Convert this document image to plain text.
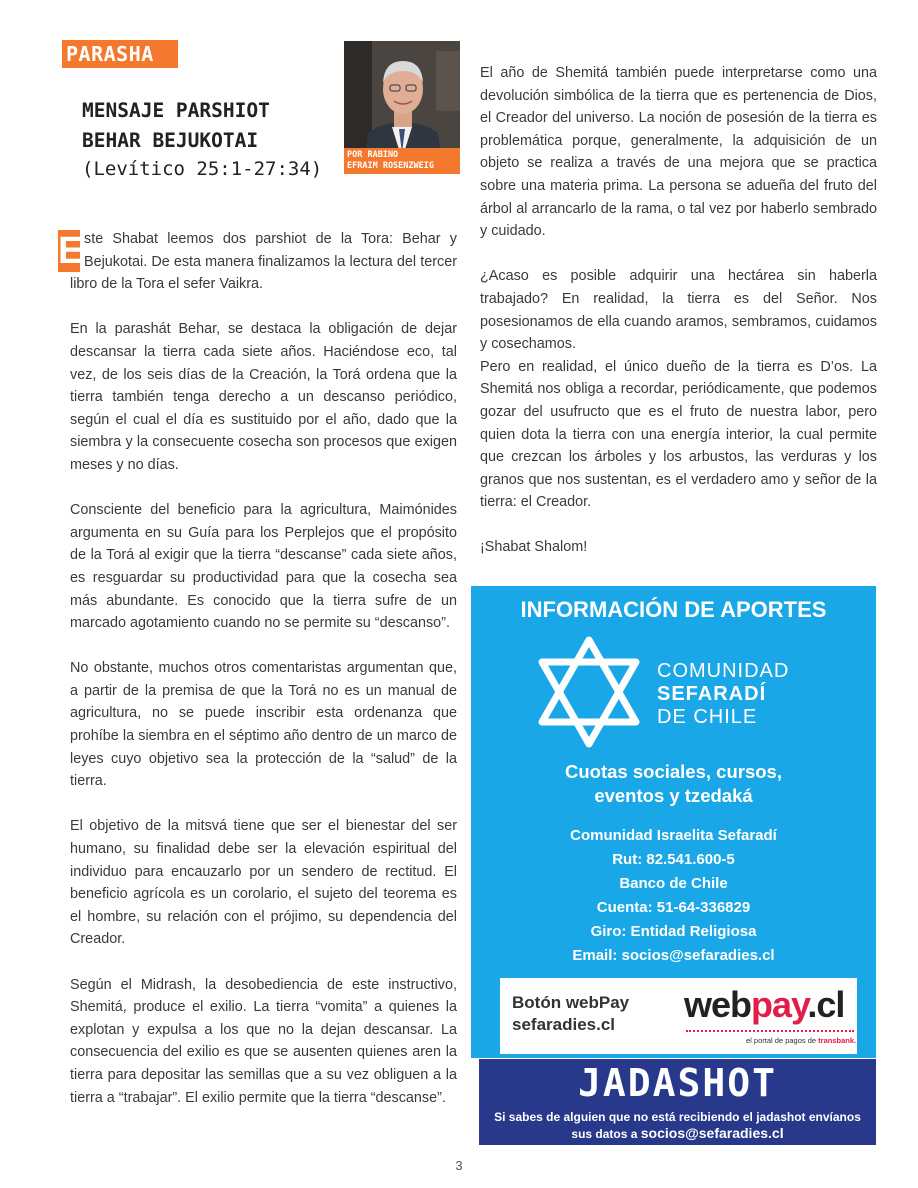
PARASHA
MENSAJE PARSHIOT
BEHAR BEJUKOTAI
(Levítico 25:1-27:34)
POR RABINO
EFRAIM ROSENZWEIG

E ste Shabat leemos dos parshiot de la Tora: Behar y Bejukotai. De esta manera finalizamos la lectura del tercer libro de la Tora el sefer Vaikra.

En la parashát Behar, se destaca la obligación de dejar descansar la tierra cada siete años. Haciéndose eco, tal vez, de los seis días de la Creación, la Torá ordena que la tierra también tenga derecho a un descanso periódico, según el cual el día es sustituido por el año, dado que la siembra y la consecuente cosecha son procesos que exigen meses y no días.

Consciente del beneficio para la agricultura, Maimónides argumenta en su Guía para los Perplejos que el propósito de la Torá al exigir que la tierra “descanse” cada siete años, es resguardar su productividad para que la cosecha sea más abundante. Es conocido que la tierra sufre de un marcado agotamiento cuando no se permite su “descanso”.

No obstante, muchos otros comentaristas argumentan que, a partir de la premisa de que la Torá no es un manual de agricultura, no se puede inscribir esta ordenanza que prohíbe la siembra en el séptimo año dentro de un marco de leyes cuyo objetivo sea la protección de la “salud” de la tierra.

El objetivo de la mitsvá tiene que ser el bienestar del ser humano, su finalidad debe ser la elevación espiritual del individuo para encauzarlo por un sendero de rectitud. El beneficio agrícola es un corolario, el sujeto del teorema es el hombre, su relación con el prójimo, su dependencia del Creador.

Según el Midrash, la desobediencia de este instructivo, Shemitá, produce el exilio. La tierra “vomita” a quienes la explotan y expulsa a los que no la dejan descansar. La consecuencia del exilio es que se ausenten quienes aren la tierra para depositar las semillas que a su vez obliguen a la tierra a “trabajar”. El exilio permite que la tierra “descanse”.

El año de Shemitá también puede interpretarse como una devolución simbólica de la tierra que es pertenencia de Dios, el Creador del universo. La noción de posesión de la tierra es problemática porque, generalmente, la adquisición de un objeto se realiza a través de una mejora que se practica sobre una materia prima. La persona se adueña del fruto del árbol al arrancarlo de la rama, o tal vez por haberlo sembrado y cuidado.

¿Acaso es posible adquirir una hectárea sin haberla trabajado? En realidad, la tierra es del Señor. Nos posesionamos de ella cuando aramos, sembramos, cuidamos y cosechamos.

Pero en realidad, el único dueño de la tierra es D’os. La Shemitá nos obliga a recordar, periódicamente, que podemos gozar del usufructo que es el fruto de nuestra labor, pero quien dota la tierra con una energía interior, la cual permite que crezcan los árboles y los arbustos, las verduras y los granos que nos sustentan, es el verdadero amo y señor de la tierra: el Creador.

¡Shabat Shalom!

INFORMACIÓN DE APORTES
COMUNIDAD
SEFARADÍ
DE CHILE
Cuotas sociales, cursos,
eventos y tzedaká
Comunidad Israelita Sefaradí
Rut: 82.541.600-5
Banco de Chile
Cuenta: 51-64-336829
Giro: Entidad Religiosa
Email: socios@sefaradies.cl
Botón webPay
sefaradies.cl	webpay.cl
el portal de pagos de transbank.
JADASHOT
Si sabes de alguien que no está recibiendo el jadashot envíanos
sus datos a socios@sefaradies.cl
3
